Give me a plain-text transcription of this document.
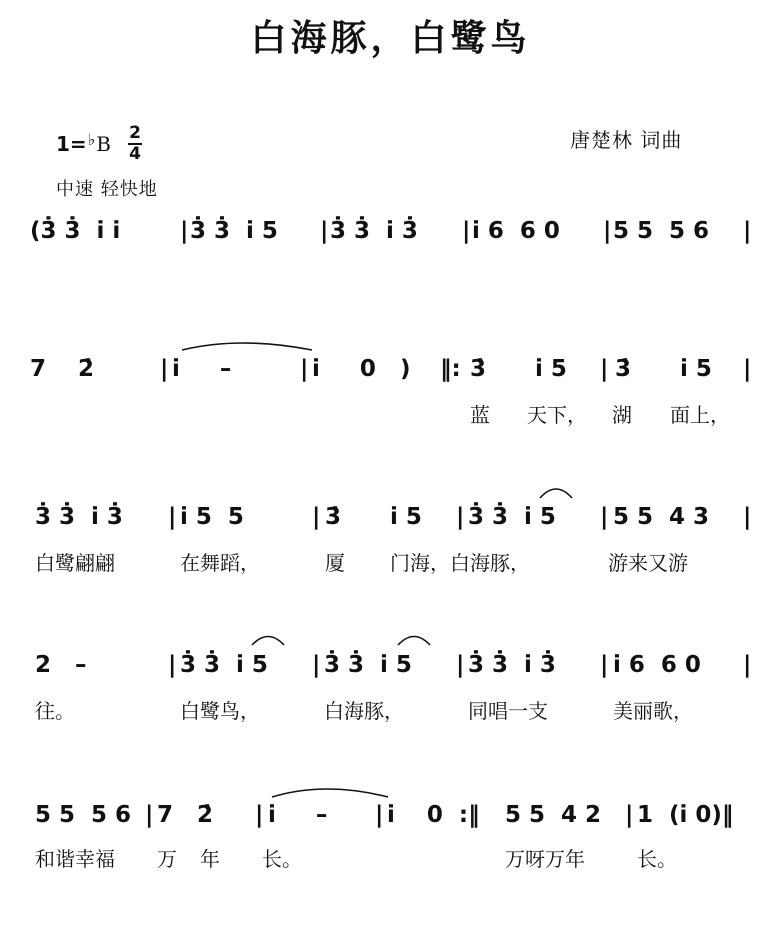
白海豚，白鹭鸟
唐楚林 词曲
1=♭B 2
4
中速 轻快地
(3̇ 3̇  i̇ i̇	| 3̇ 3̇  i̇ 5 | 3̇ 3̇  i̇ 3̇ | i̇ 6  6 0 | 5 5  5 6 |
7    2̇	| i̇     –	| i̇     0   ) ‖: 3̇ i̇ 5 | 3̇ i̇ 5 |
蓝 天下， 湖 面上，
3̇ 3̇  i̇ 3̇ | i̇ 5  5	| 3̇ i̇ 5 | 3̇ 3̇  i̇ 5 | 5 5  4 3 |
白鹭翩翩	在舞蹈，	厦 门海，白海豚，	游来又游
2   –	| 3̇ 3̇  i̇ 5 | 3̇ 3̇  i̇ 5 | 3̇ 3̇  i̇ 3̇ | i̇ 6  6 0 |
往。	白鹭鸟，	白海豚，	同唱一支	美丽歌，
5 5  5 6 | 7   2̇ | i̇     – | i̇    0  :‖ 5 5  4 2 | 1  (i̇ 0)‖
和谐幸福 万 年 长。	万呀万年	长。
